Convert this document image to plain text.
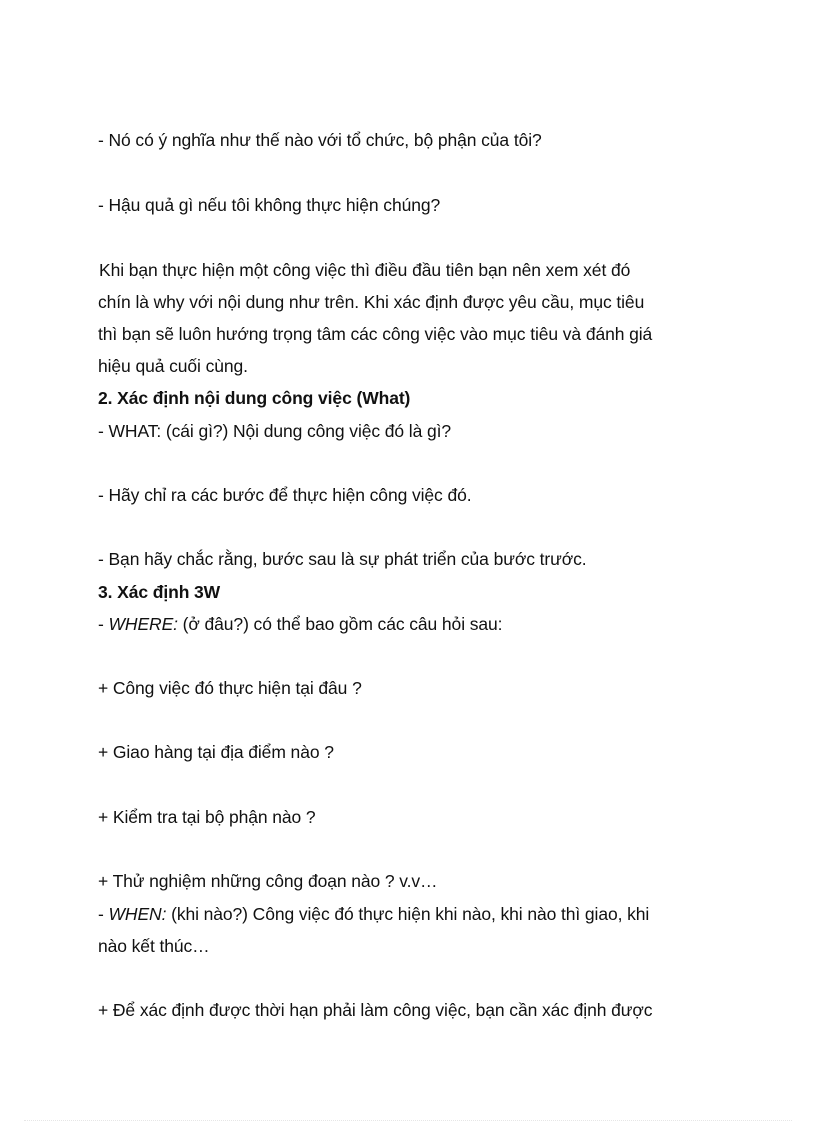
- Nó có ý nghĩa như thế nào với tổ chức, bộ phận của tôi?
- Hậu quả gì nếu tôi không thực hiện chúng?
Khi bạn thực hiện một công việc thì điều đầu tiên bạn nên xem xét đó
chín là why với nội dung như trên. Khi xác định được yêu cầu, mục tiêu
thì bạn sẽ luôn hướng trọng tâm các công việc vào mục tiêu và đánh giá
hiệu quả cuối cùng.
2. Xác định nội dung công việc (What)
- WHAT: (cái gì?) Nội dung công việc đó là gì?
- Hãy chỉ ra các bước để thực hiện công việc đó.
- Bạn hãy chắc rằng, bước sau là sự phát triển của bước trước.
3. Xác định 3W
- WHERE: (ở đâu?) có thể bao gồm các câu hỏi sau:
+ Công việc đó thực hiện tại đâu ?
+ Giao hàng tại địa điểm nào ?
+ Kiểm tra tại bộ phận nào ?
+ Thử nghiệm những công đoạn nào ? v.v…
- WHEN: (khi nào?) Công việc đó thực hiện khi nào, khi nào thì giao, khi
nào kết thúc…
+ Để xác định được thời hạn phải làm công việc, bạn cần xác định được
